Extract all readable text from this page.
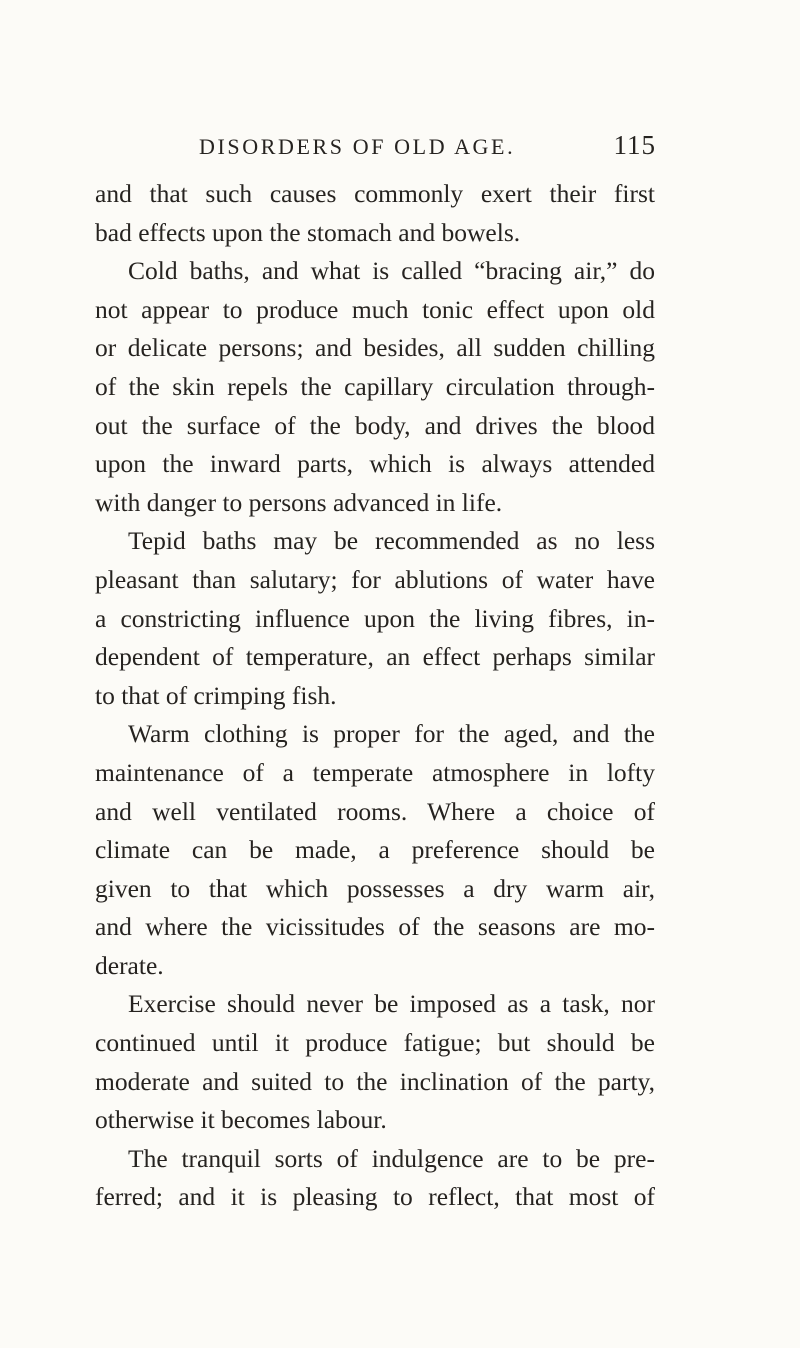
DISORDERS OF OLD AGE.	115
and that such causes commonly exert their first
bad effects upon the stomach and bowels.
Cold baths, and what is called “bracing air,” do
not appear to produce much tonic effect upon old
or delicate persons; and besides, all sudden chilling
of the skin repels the capillary circulation through-
out the surface of the body, and drives the blood
upon the inward parts, which is always attended
with danger to persons advanced in life.
Tepid baths may be recommended as no less
pleasant than salutary; for ablutions of water have
a constricting influence upon the living fibres, in-
dependent of temperature, an effect perhaps similar
to that of crimping fish.
Warm clothing is proper for the aged, and the
maintenance of a temperate atmosphere in lofty
and well ventilated rooms. Where a choice of
climate can be made, a preference should be
given to that which possesses a dry warm air,
and where the vicissitudes of the seasons are mo-
derate.
Exercise should never be imposed as a task, nor
continued until it produce fatigue; but should be
moderate and suited to the inclination of the party,
otherwise it becomes labour.
The tranquil sorts of indulgence are to be pre-
ferred; and it is pleasing to reflect, that most of
